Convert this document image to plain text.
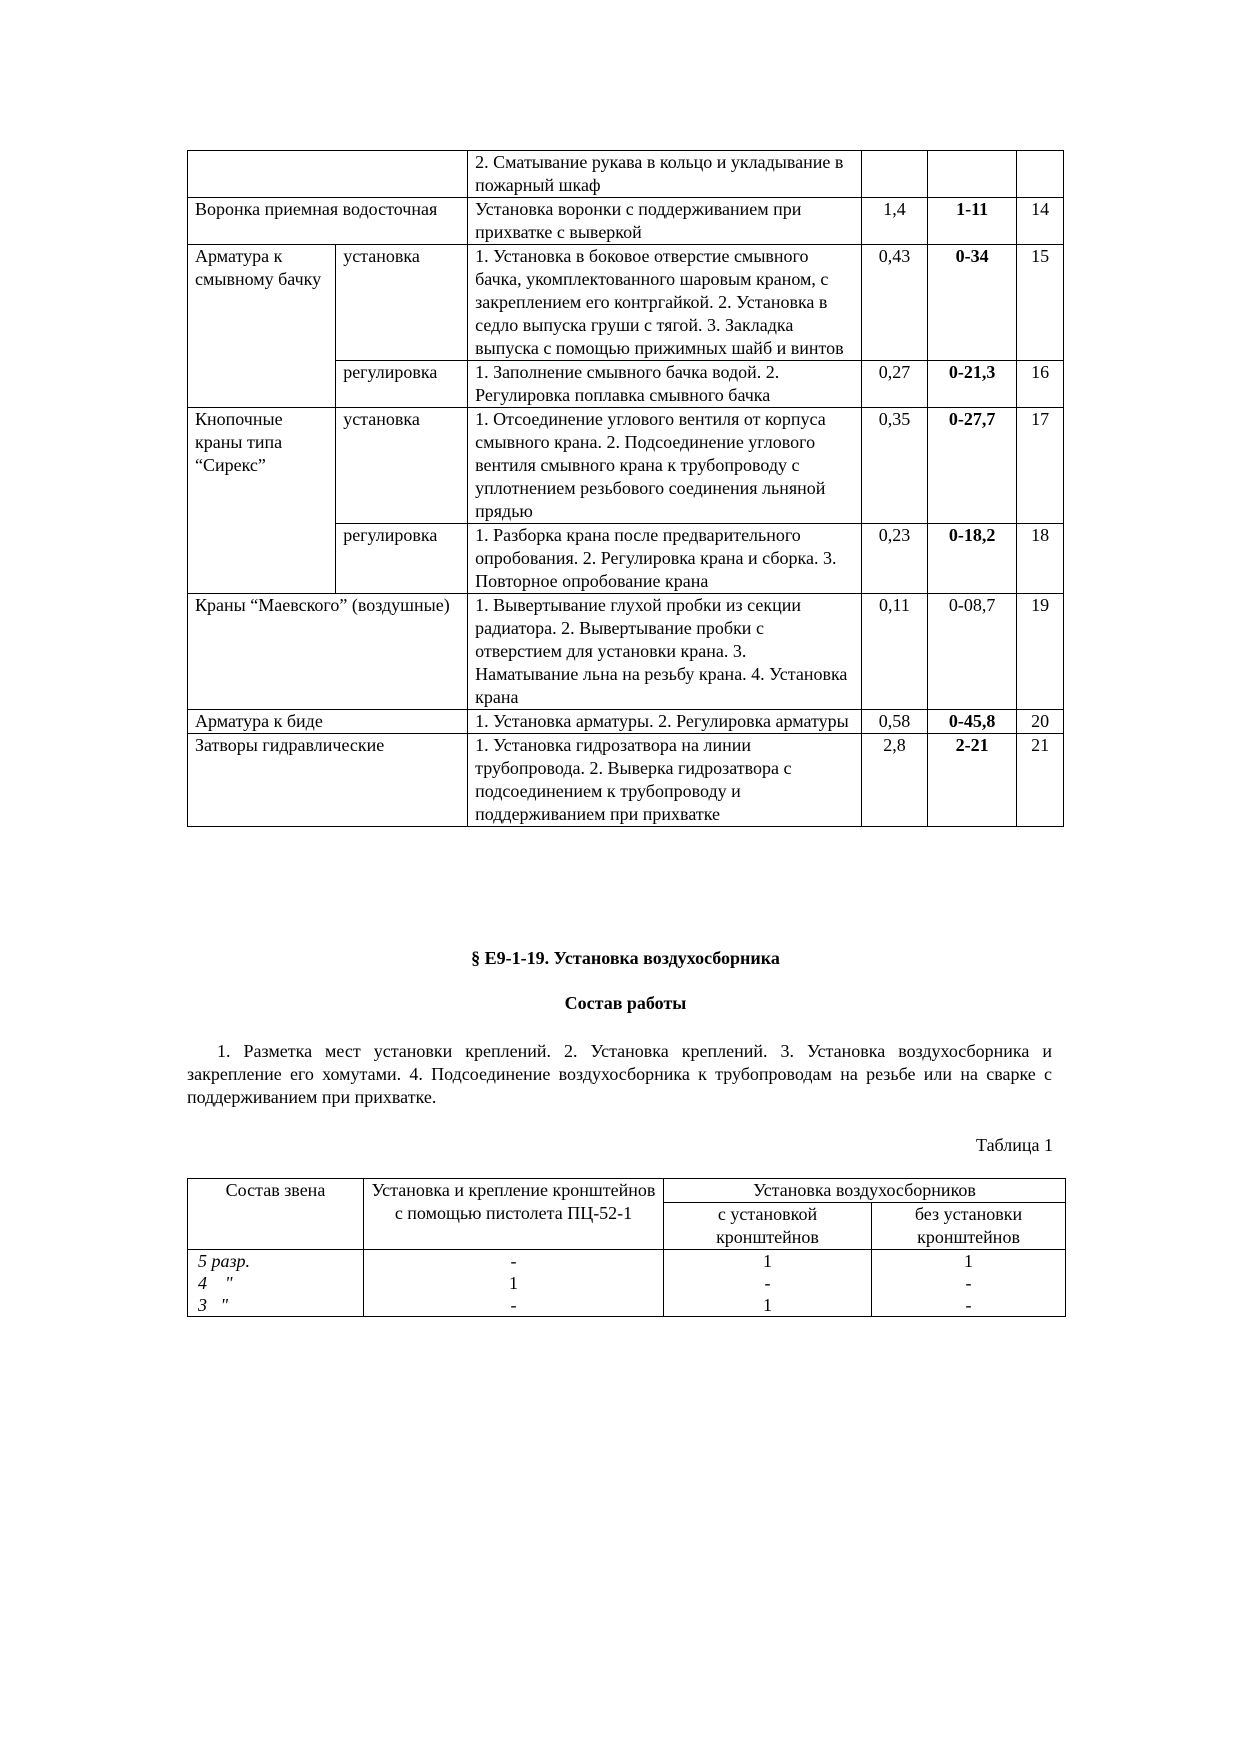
		2. Сматывание рукава в кольцо и укладывание в пожарный шкаф			
Воронка приемная водосточная		Установка воронки с поддерживанием при прихватке с выверкой	1,4	1-11	14
Арматура к смывному бачку	установка	1. Установка в боковое отверстие смывного бачка, укомплектованного шаровым краном, с закреплением его контргайкой. 2. Установка в седло выпуска груши с тягой. 3. Закладка выпуска с помощью прижимных шайб и винтов	0,43	0-34	15
	регулировка	1. Заполнение смывного бачка водой. 2. Регулировка поплавка смывного бачка	0,27	0-21,3	16
Кнопочные краны типа “Сирекс”	установка	1. Отсоединение углового вентиля от корпуса смывного крана. 2. Подсоединение углового вентиля смывного крана к трубопроводу с уплотнением резьбового соединения льняной прядью	0,35	0-27,7	17
	регулировка	1. Разборка крана после предварительного опробования. 2. Регулировка крана и сборка. 3. Повторное опробование крана	0,23	0-18,2	18
Краны “Маевского” (воздушные)		1. Вывертывание глухой пробки из секции радиатора. 2. Вывертывание пробки с отверстием для установки крана. 3. Наматывание льна на резьбу крана. 4. Установка крана	0,11	0-08,7	19
Арматура к биде		1. Установка арматуры. 2. Регулировка арматуры	0,58	0-45,8	20
Затворы гидравлические		1. Установка гидрозатвора на линии трубопровода. 2. Выверка гидрозатвора с подсоединением к трубопроводу и поддерживанием при прихватке	2,8	2-21	21
§ Е9-1-19. Установка воздухосборника
Состав работы
1. Разметка мест установки креплений. 2. Установка креплений. 3. Установка воздухосборника и закрепление его хомутами. 4. Подсоединение воздухосборника к трубопроводам на резьбе или на сварке с поддерживанием при прихватке.
Таблица 1
Состав звена	Установка и крепление кронштейнов с помощью пистолета ПЦ-52-1	Установка воздухосборников	
		с установкой кронштейнов	без установки кронштейнов
5 разр.	-	1	1
4    "	1	-	-
3   "	-	1	-
